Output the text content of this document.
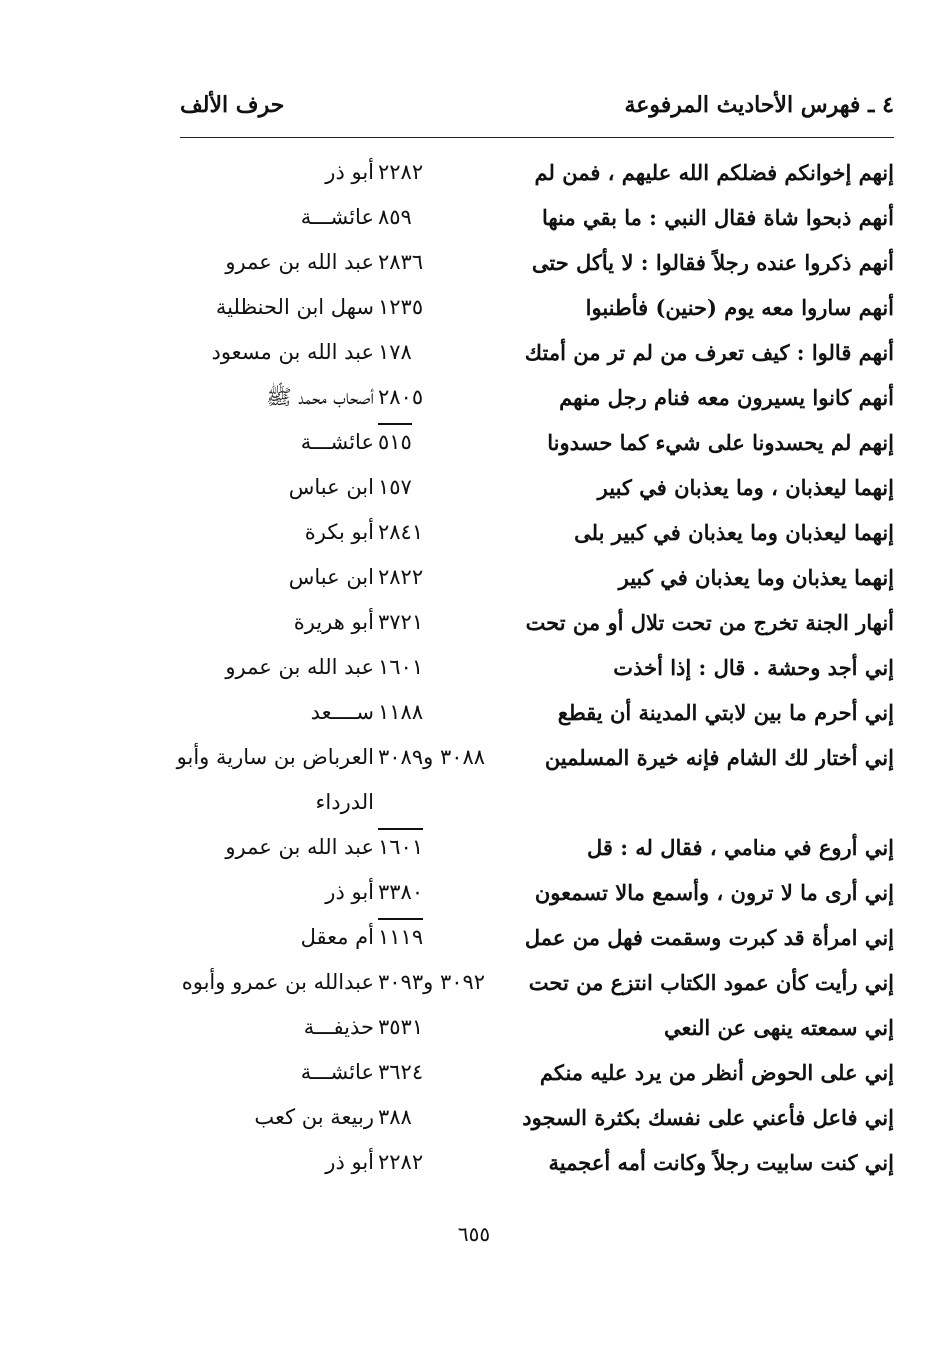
٤ ـ فهرس الأحاديث المرفوعة
حرف الألف
إنهم إخوانكم فضلكم الله عليهم ، فمن لم
٢٢٨٢
أبو ذر
أنهم ذبحوا شاة فقال النبي : ما بقي منها
٨٥٩
عائشـــة
أنهم ذكروا عنده رجلاً فقالوا : لا يأكل حتى
٢٨٣٦
عبد الله بن عمرو
أنهم ساروا معه يوم (حنين) فأطنبوا
١٢٣٥
سهل ابن الحنظلية
أنهم قالوا : كيف تعرف من لم تر من أمتك
١٧٨
عبد الله بن مسعود
أنهم كانوا يسيرون معه فنام رجل منهم
٢٨٠٥
أصحاب محمد ﷺ
إنهم لم يحسدونا على شيء كما حسدونا
٥١٥
عائشـــة
إنهما ليعذبان ، وما يعذبان في كبير
١٥٧
ابن عباس
إنهما ليعذبان وما يعذبان في كبير بلى
٢٨٤١
أبو بكرة
إنهما يعذبان وما يعذبان في كبير
٢٨٢٢
ابن عباس
أنهار الجنة تخرج من تحت تلال أو من تحت
٣٧٢١
أبو هريرة
إني أجد وحشة . قال : إذا أخذت
١٦٠١
عبد الله بن عمرو
إني أحرم ما بين لابتي المدينة أن يقطع
١١٨٨
ســــعد
إني أختار لك الشام فإنه خيرة المسلمين
٣٠٨٨ و٣٠٨٩
العرباض بن سارية وأبو
الدرداء
إني أروع في منامي ، فقال له : قل
١٦٠١
عبد الله بن عمرو
إني أرى ما لا ترون ، وأسمع مالا تسمعون
٣٣٨٠
أبو ذر
إني امرأة قد كبرت وسقمت فهل من عمل
١١١٩
أم معقل
إني رأيت كأن عمود الكتاب انتزع من تحت
٣٠٩٢ و٣٠٩٣
عبدالله بن عمرو وأبوه
إني سمعته ينهى عن النعي
٣٥٣١
حذيفـــة
إني على الحوض أنظر من يرد عليه منكم
٣٦٢٤
عائشـــة
إني فاعل فأعني على نفسك بكثرة السجود
٣٨٨
ربيعة بن كعب
إني كنت سابيت رجلاً وكانت أمه أعجمية
٢٢٨٢
أبو ذر
٦٥٥
